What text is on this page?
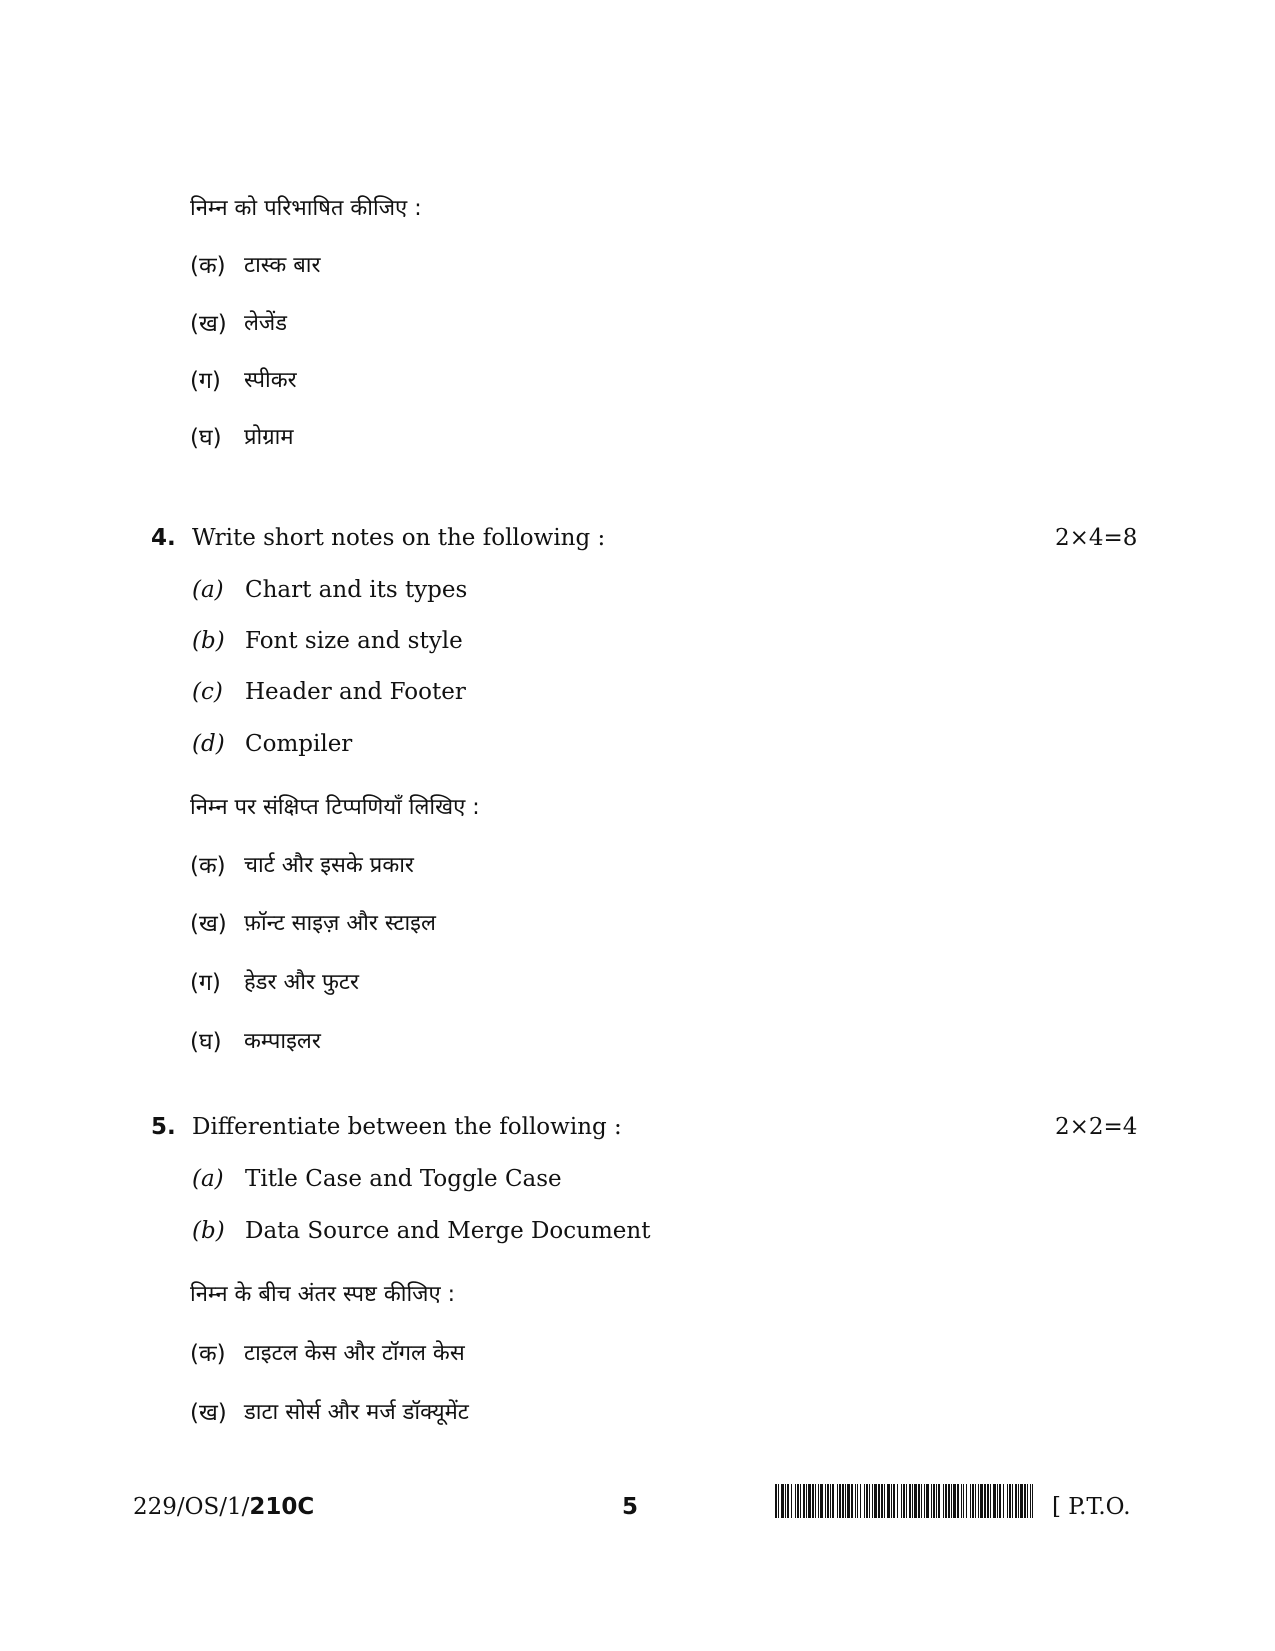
निम्न को परिभाषित कीजिए :
(क) टास्क बार
(ख) लेजेंड
(ग) स्पीकर
(घ) प्रोग्राम
4. Write short notes on the following :	2×4=8
(a) Chart and its types
(b) Font size and style
(c) Header and Footer
(d) Compiler
निम्न पर संक्षिप्त टिप्पणियाँ लिखिए :
(क) चार्ट और इसके प्रकार
(ख) फ़ॉन्ट साइज़ और स्टाइल
(ग) हेडर और फुटर
(घ) कम्पाइलर
5. Differentiate between the following :	2×2=4
(a) Title Case and Toggle Case
(b) Data Source and Merge Document
निम्न के बीच अंतर स्पष्ट कीजिए :
(क) टाइटल केस और टॉगल केस
(ख) डाटा सोर्स और मर्ज डॉक्यूमेंट
229/OS/1/210C	5	[ P.T.O.
